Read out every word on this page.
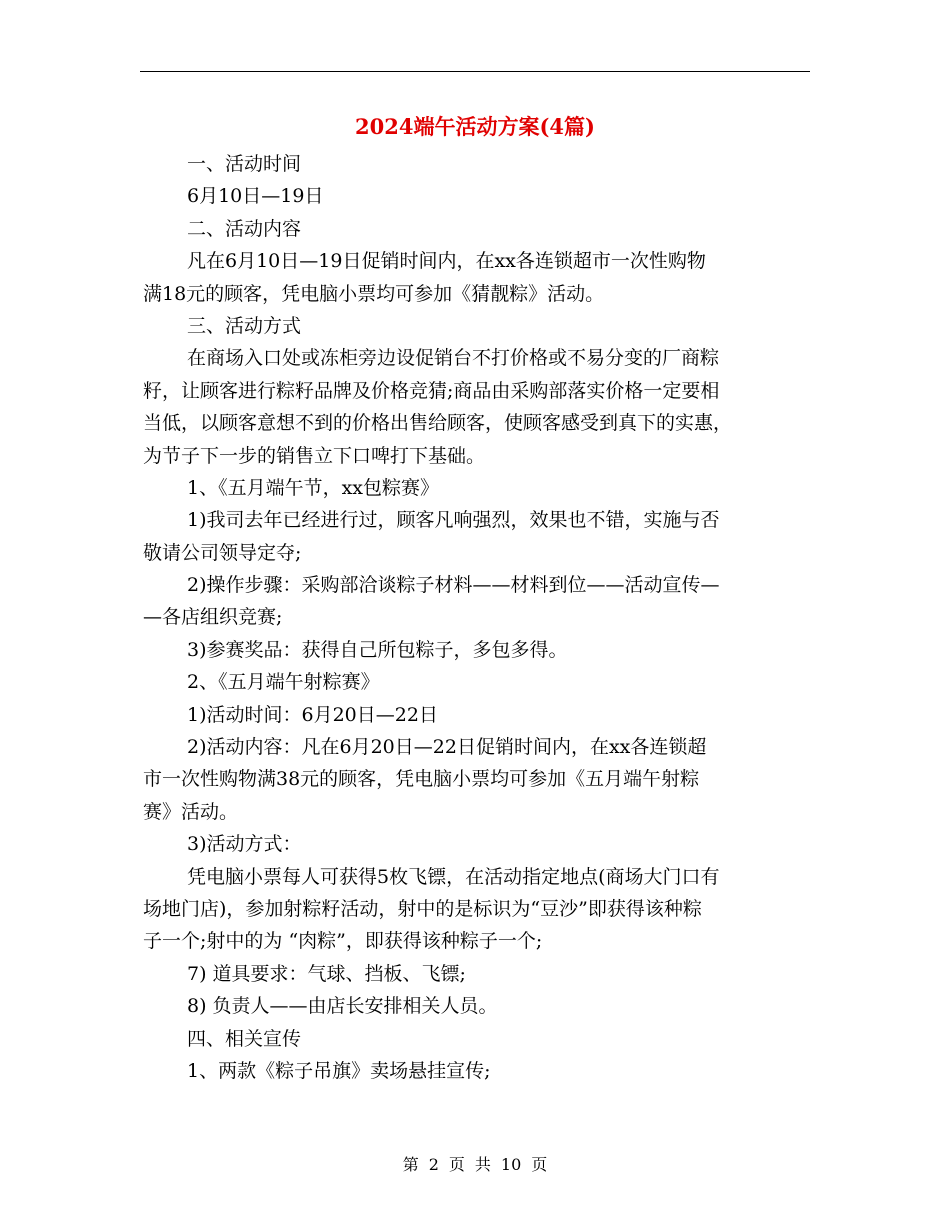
2024端午活动方案(4篇)
一、活动时间
6月10日—19日
二、活动内容
凡在6月10日—19日促销时间内，在xx各连锁超市一次性购物
满18元的顾客，凭电脑小票均可参加《猜靓粽》活动。
三、活动方式
在商场入口处或冻柜旁边设促销台不打价格或不易分变的厂商粽
籽，让顾客进行粽籽品牌及价格竞猜;商品由采购部落实价格一定要相
当低，以顾客意想不到的价格出售给顾客，使顾客感受到真下的实惠，
为节子下一步的销售立下口啤打下基础。
1、《五月端午节，xx包粽赛》
1)我司去年已经进行过，顾客凡响强烈，效果也不错，实施与否
敬请公司领导定夺;
2)操作步骤：采购部洽谈粽子材料——材料到位——活动宣传—
—各店组织竞赛;
3)参赛奖品：获得自己所包粽子，多包多得。
2、《五月端午射粽赛》
1)活动时间：6月20日—22日
2)活动内容：凡在6月20日—22日促销时间内，在xx各连锁超
市一次性购物满38元的顾客，凭电脑小票均可参加《五月端午射粽
赛》活动。
3)活动方式：
凭电脑小票每人可获得5枚飞镖，在活动指定地点(商场大门口有
场地门店)，参加射粽籽活动，射中的是标识为“豆沙”即获得该种粽
子一个;射中的为 “肉粽”，即获得该种粽子一个;
7) 道具要求：气球、挡板、飞镖;
8) 负责人——由店长安排相关人员。
四、相关宣传
1、两款《粽子吊旗》卖场悬挂宣传;
第 2 页 共 10 页
